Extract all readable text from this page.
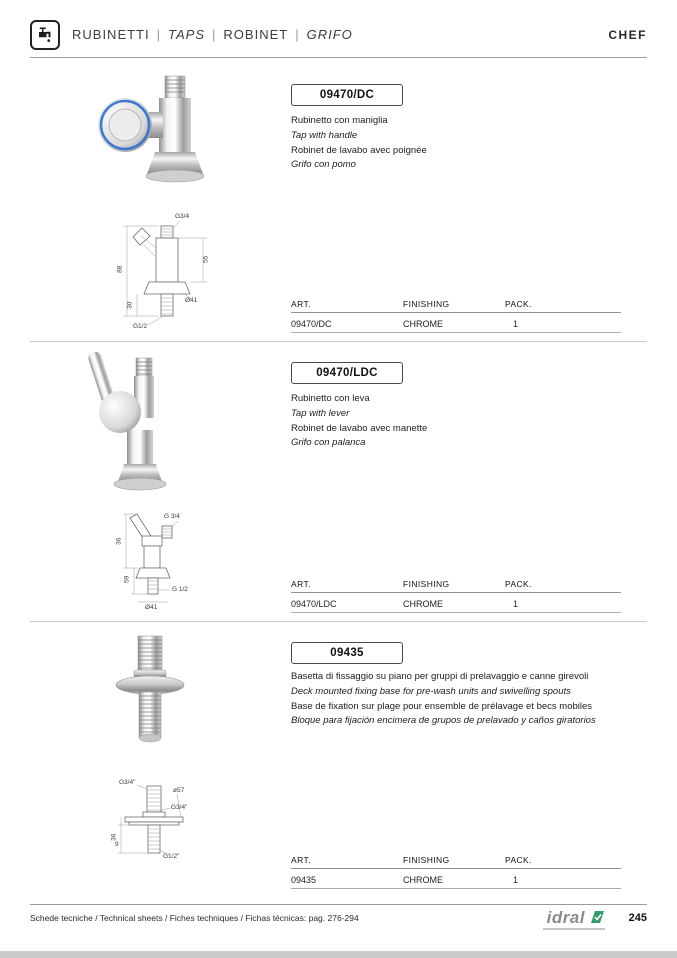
RUBINETTI | TAPS | ROBINET | GRIFO	CHEF
G3/4
88
55
30
Ø41
G1/2
09470/DC
Rubinetto con maniglia
Tap with handle
Robinet de lavabo avec poignée
Grifo con pomo
ART.	FINISHING	PACK.
09470/DC	CHROME	1
G 3/4
36
59
G 1/2
Ø41
09470/LDC
Rubinetto con leva
Tap with lever
Robinet de lavabo avec manette
Grifo con palanca
ART.	FINISHING	PACK.
09470/LDC	CHROME	1
G3/4"
ø57
G3/4"
36
9
G1/2"
09435
Basetta di fissaggio su piano per gruppi di prelavaggio e canne girevoli
Deck mounted fixing base for pre-wash units and swivelling spouts
Base de fixation sur plage pour ensemble de prélavage et becs mobiles
Bloque para fijación encimera de grupos de prelavado y caños giratorios
ART.	FINISHING	PACK.
09435	CHROME	1
Schede tecniche / Technical sheets / Fiches techniques / Fichas técnicas: pag. 276-294	idral	245
